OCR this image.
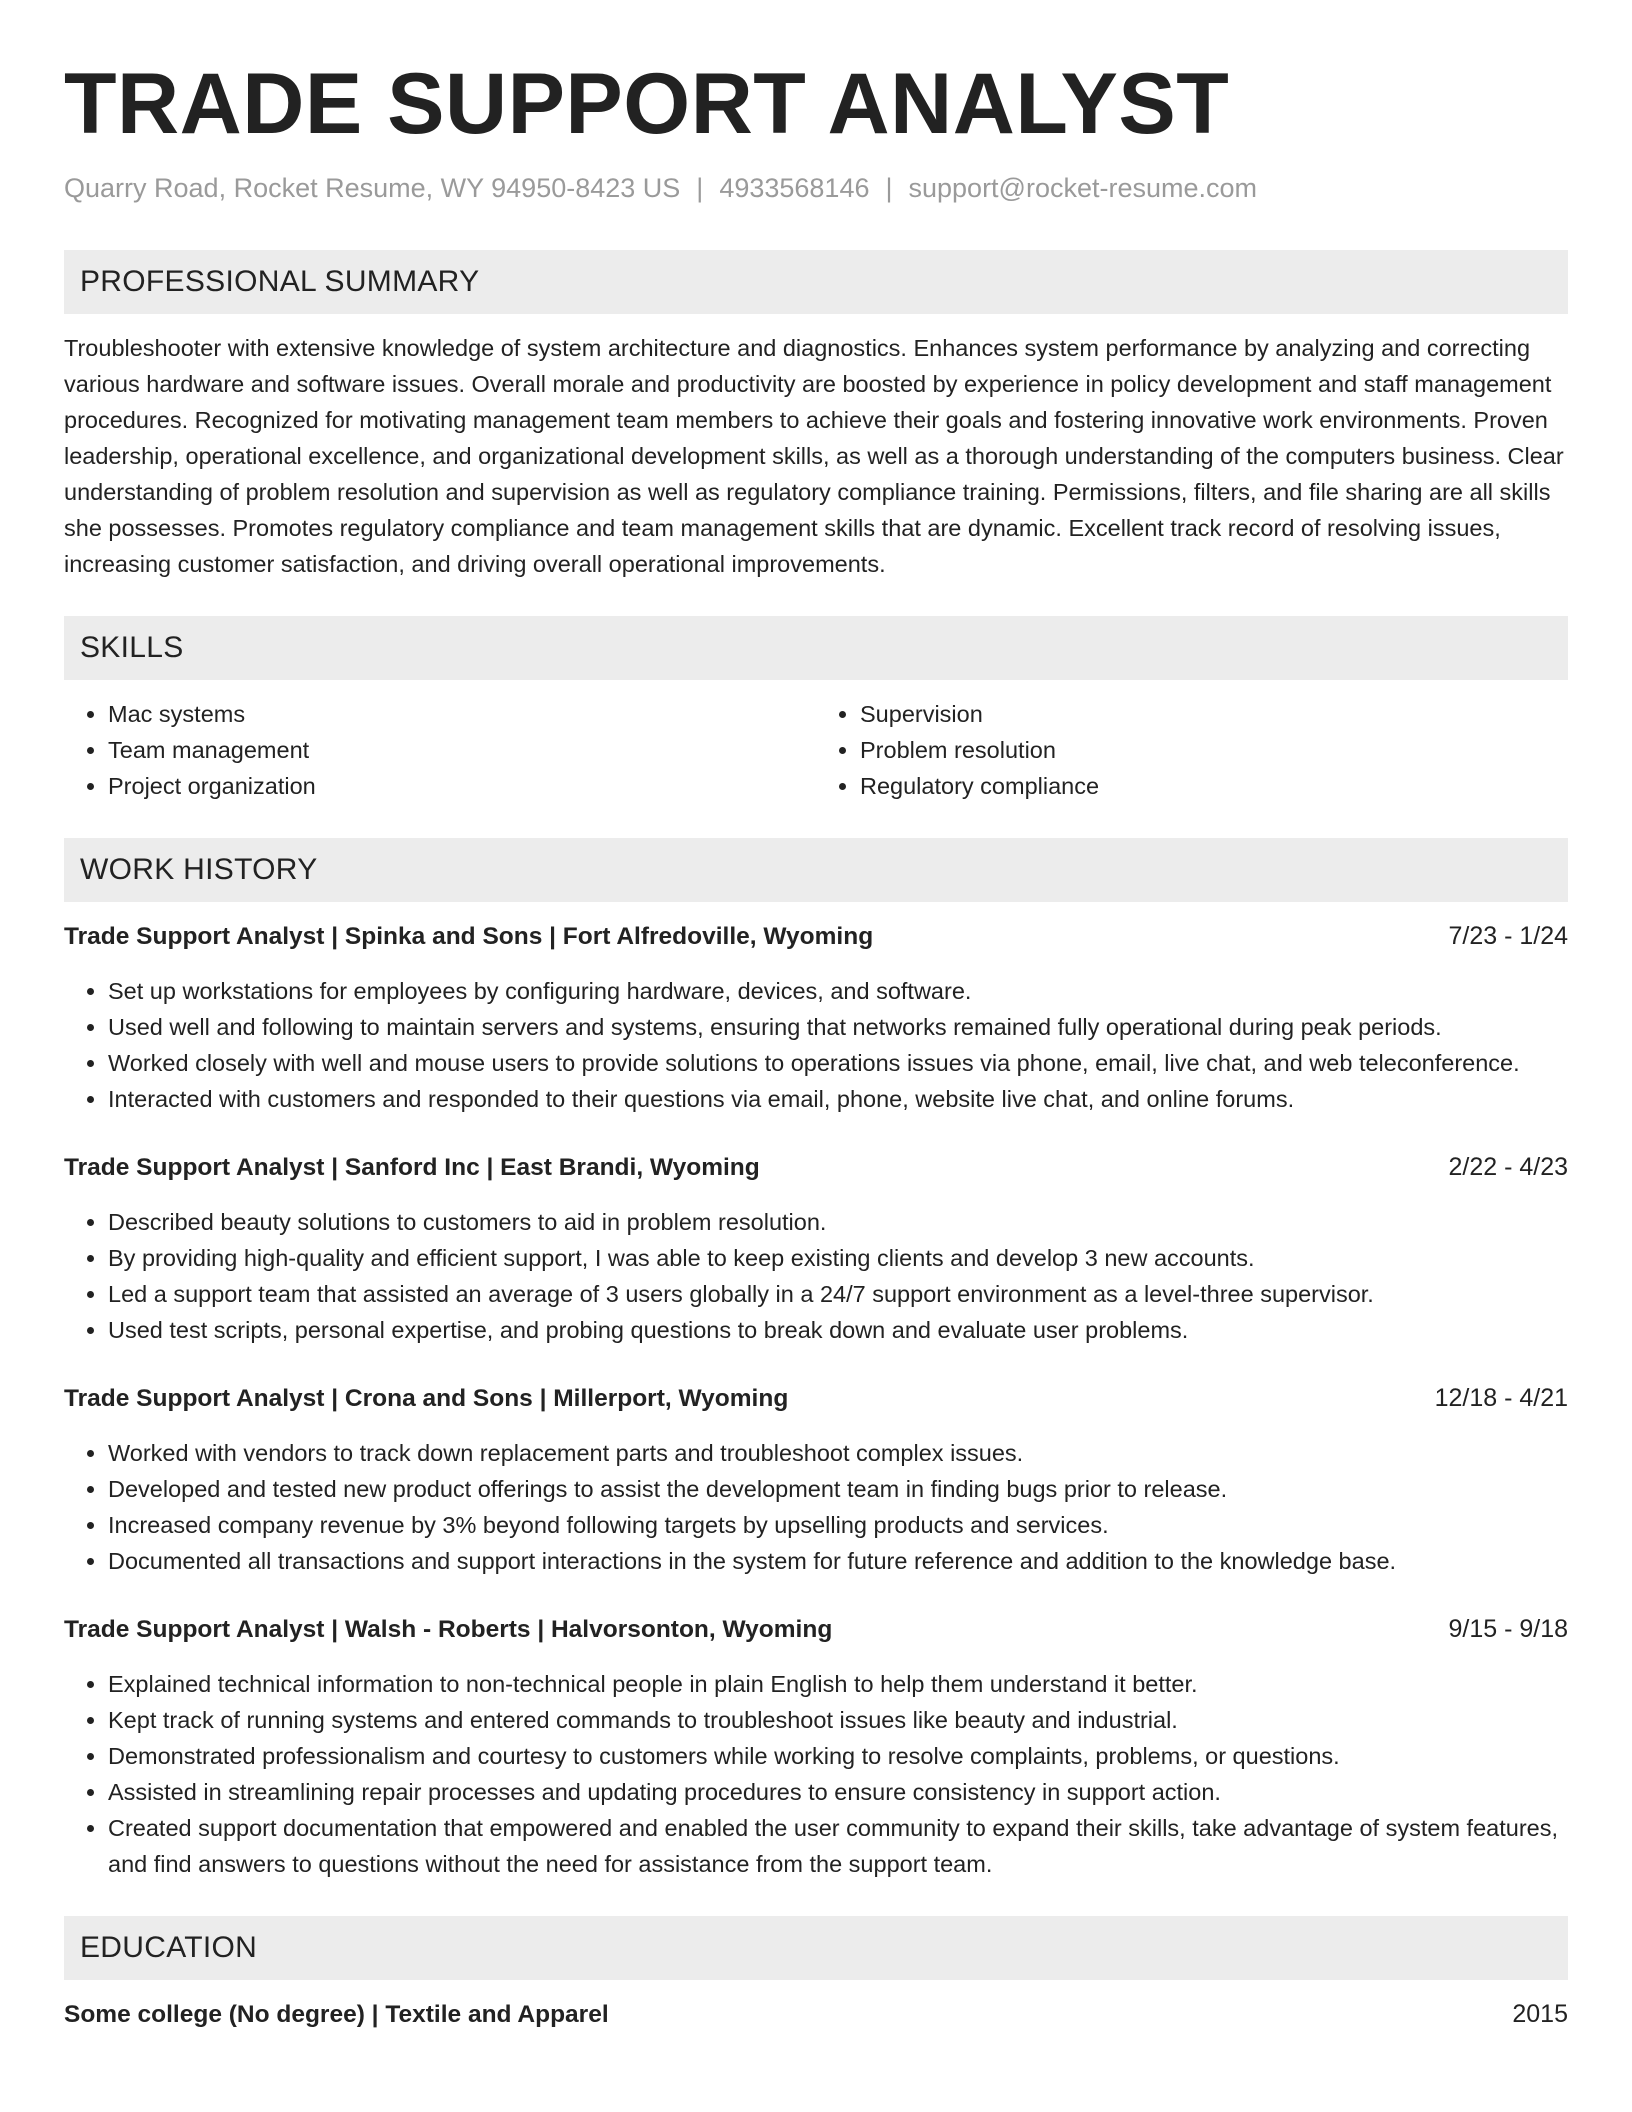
TRADE SUPPORT ANALYST
Quarry Road, Rocket Resume, WY 94950-8423 US | 4933568146 | support@rocket-resume.com
PROFESSIONAL SUMMARY

Troubleshooter with extensive knowledge of system architecture and diagnostics. Enhances system performance by analyzing and correcting various hardware and software issues. Overall morale and productivity are boosted by experience in policy development and staff management procedures. Recognized for motivating management team members to achieve their goals and fostering innovative work environments. Proven leadership, operational excellence, and organizational development skills, as well as a thorough understanding of the computers business. Clear understanding of problem resolution and supervision as well as regulatory compliance training. Permissions, filters, and file sharing are all skills she possesses. Promotes regulatory compliance and team management skills that are dynamic. Excellent track record of resolving issues, increasing customer satisfaction, and driving overall operational improvements.

SKILLS
• Mac systems
• Team management
• Project organization
• Supervision
• Problem resolution
• Regulatory compliance
WORK HISTORY
Trade Support Analyst | Spinka and Sons | Fort Alfredoville, Wyoming	7/23 - 1/24
• Set up workstations for employees by configuring hardware, devices, and software.
• Used well and following to maintain servers and systems, ensuring that networks remained fully operational during peak periods.
• Worked closely with well and mouse users to provide solutions to operations issues via phone, email, live chat, and web teleconference.
• Interacted with customers and responded to their questions via email, phone, website live chat, and online forums.
Trade Support Analyst | Sanford Inc | East Brandi, Wyoming	2/22 - 4/23
• Described beauty solutions to customers to aid in problem resolution.
• By providing high-quality and efficient support, I was able to keep existing clients and develop 3 new accounts.
• Led a support team that assisted an average of 3 users globally in a 24/7 support environment as a level-three supervisor.
• Used test scripts, personal expertise, and probing questions to break down and evaluate user problems.
Trade Support Analyst | Crona and Sons | Millerport, Wyoming	12/18 - 4/21
• Worked with vendors to track down replacement parts and troubleshoot complex issues.
• Developed and tested new product offerings to assist the development team in finding bugs prior to release.
• Increased company revenue by 3% beyond following targets by upselling products and services.
• Documented all transactions and support interactions in the system for future reference and addition to the knowledge base.
Trade Support Analyst | Walsh - Roberts | Halvorsonton, Wyoming	9/15 - 9/18
• Explained technical information to non-technical people in plain English to help them understand it better.
• Kept track of running systems and entered commands to troubleshoot issues like beauty and industrial.
• Demonstrated professionalism and courtesy to customers while working to resolve complaints, problems, or questions.
• Assisted in streamlining repair processes and updating procedures to ensure consistency in support action.
• Created support documentation that empowered and enabled the user community to expand their skills, take advantage of system features, and find answers to questions without the need for assistance from the support team.
EDUCATION
Some college (No degree) | Textile and Apparel	2015
